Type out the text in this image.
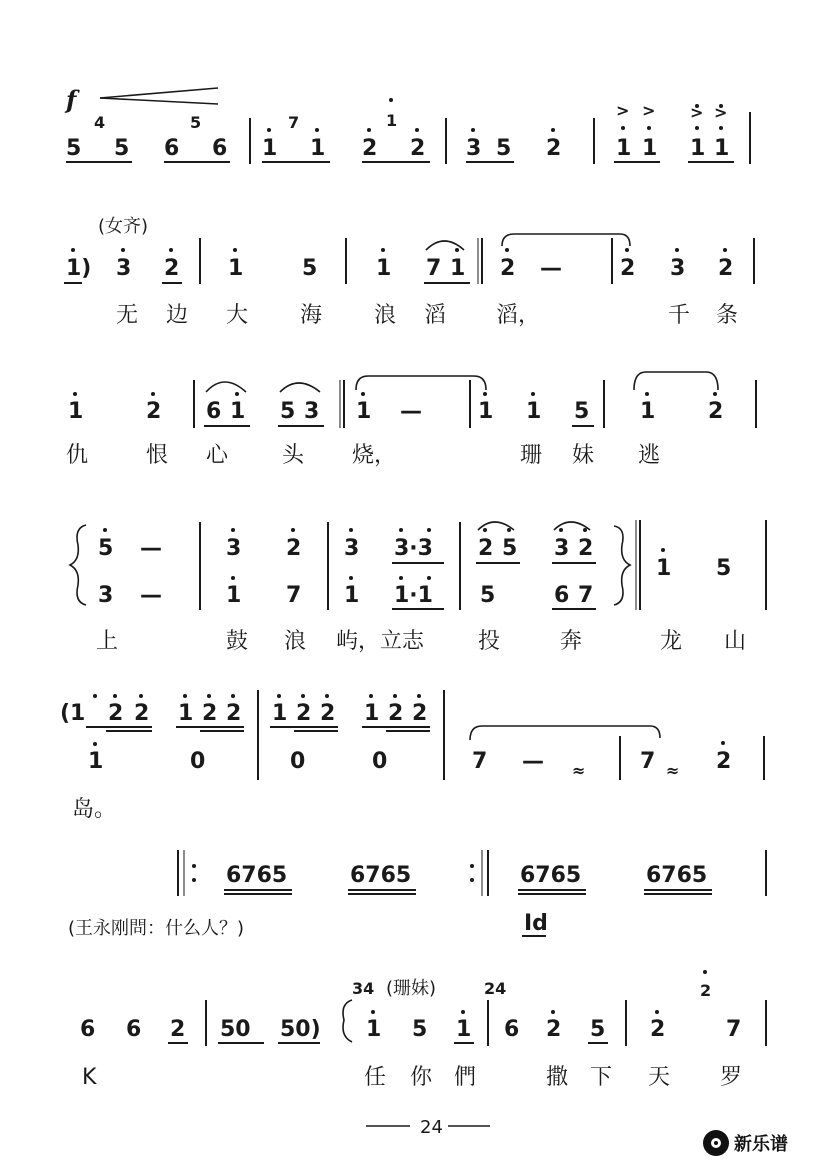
f
5
4
5 6
5
6 1
7
1 2
1
2 3 5 2 1 1
> >
1 1
> >
(女齐)
1) 3 2 1	5	1 7 1 2 —	2 3 2
无 边 大 海 浪 滔 滔，	千 条
1	2 6 1 5 3 1 —	1 1 5 1 2
仇	恨 心 头 烧，	珊 妹 逃
5 —	3 2 3 3·3 2 5 3 2
1 5
3 —	1 7 1 1·1 5	6 7
上	鼓 浪 屿，立志 投	奔	龙 山
(1 2 2 1 2 2 1 2 2 1 2 2
1	0	0	0	7 — ≈ 7 ≈ 2
岛。
6765	6765	6765	6765
(王永刚問：什么人？)	Id
34 (珊妹)	24
6 6 2 50 50) 1 5 1 6 2 5 2
2
7
K	任 你 們	撒 下 天 罗
24
新乐谱
